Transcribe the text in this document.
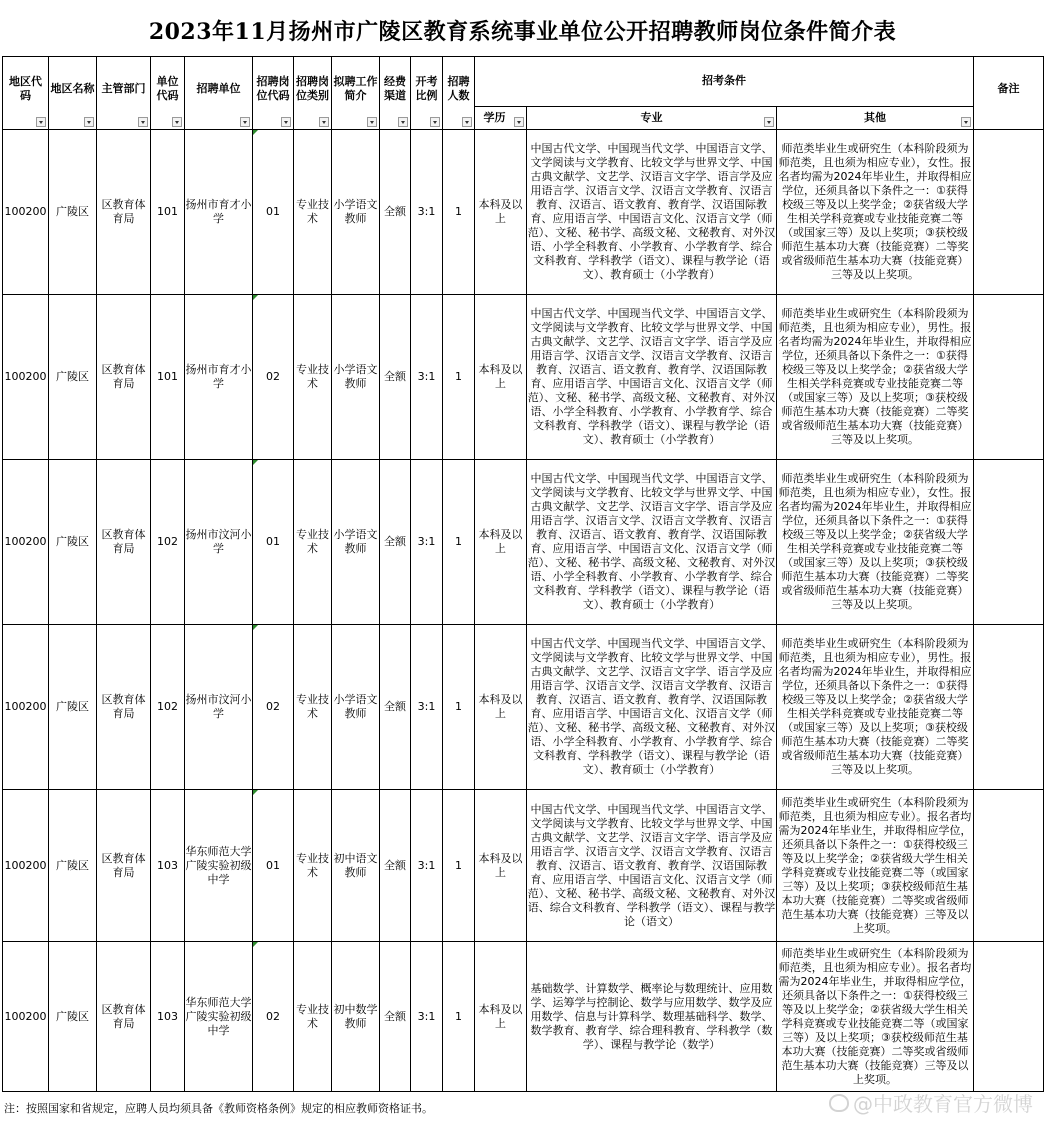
2023年11月扬州市广陵区教育系统事业单位公开招聘教师岗位条件简介表
地区代码	地区名称	主管部门	单位代码	招聘单位	招聘岗位代码	招聘岗位类别	拟聘工作简介	经费渠道	开考比例	招聘人数	招考条件			备注

											学历	专业	其他	

100200	广陵区	区教育体育局	101	扬州市育才小学	01	专业技术	小学语文教师	全额	3:1	1	本科及以上	中国古代文学、中国现当代文学、中国语言文学、文学阅读与文学教育、比较文学与世界文学、中国古典文献学、文艺学、汉语言文字学、语言学及应用语言学、汉语言文学、汉语言文学教育、汉语言教育、汉语言、语文教育、教育学、汉语国际教育、应用语言学、中国语言文化、汉语言文学（师范）、文秘、秘书学、高级文秘、文秘教育、对外汉语、小学全科教育、小学教育、小学教育学、综合文科教育、学科教学（语文）、课程与教学论（语文）、教育硕士（小学教育）	师范类毕业生或研究生（本科阶段须为师范类，且也须为相应专业），女性。报名者均需为2024年毕业生，并取得相应学位，还须具备以下条件之一：①获得校级三等及以上奖学金；②获省级大学生相关学科竞赛或专业技能竞赛二等（或国家三等）及以上奖项；③获校级师范生基本功大赛（技能竞赛）二等奖或省级师范生基本功大赛（技能竞赛）三等及以上奖项。	

100200	广陵区	区教育体育局	101	扬州市育才小学	02	专业技术	小学语文教师	全额	3:1	1	本科及以上	中国古代文学、中国现当代文学、中国语言文学、文学阅读与文学教育、比较文学与世界文学、中国古典文献学、文艺学、汉语言文字学、语言学及应用语言学、汉语言文学、汉语言文学教育、汉语言教育、汉语言、语文教育、教育学、汉语国际教育、应用语言学、中国语言文化、汉语言文学（师范）、文秘、秘书学、高级文秘、文秘教育、对外汉语、小学全科教育、小学教育、小学教育学、综合文科教育、学科教学（语文）、课程与教学论（语文）、教育硕士（小学教育）	师范类毕业生或研究生（本科阶段须为师范类，且也须为相应专业），男性。报名者均需为2024年毕业生，并取得相应学位，还须具备以下条件之一：①获得校级三等及以上奖学金；②获省级大学生相关学科竞赛或专业技能竞赛二等（或国家三等）及以上奖项；③获校级师范生基本功大赛（技能竞赛）二等奖或省级师范生基本功大赛（技能竞赛）三等及以上奖项。	

100200	广陵区	区教育体育局	102	扬州市汶河小学	01	专业技术	小学语文教师	全额	3:1	1	本科及以上	中国古代文学、中国现当代文学、中国语言文学、文学阅读与文学教育、比较文学与世界文学、中国古典文献学、文艺学、汉语言文字学、语言学及应用语言学、汉语言文学、汉语言文学教育、汉语言教育、汉语言、语文教育、教育学、汉语国际教育、应用语言学、中国语言文化、汉语言文学（师范）、文秘、秘书学、高级文秘、文秘教育、对外汉语、小学全科教育、小学教育、小学教育学、综合文科教育、学科教学（语文）、课程与教学论（语文）、教育硕士（小学教育）	师范类毕业生或研究生（本科阶段须为师范类，且也须为相应专业），女性。报名者均需为2024年毕业生，并取得相应学位，还须具备以下条件之一：①获得校级三等及以上奖学金；②获省级大学生相关学科竞赛或专业技能竞赛二等（或国家三等）及以上奖项；③获校级师范生基本功大赛（技能竞赛）二等奖或省级师范生基本功大赛（技能竞赛）三等及以上奖项。	

100200	广陵区	区教育体育局	102	扬州市汶河小学	02	专业技术	小学语文教师	全额	3:1	1	本科及以上	中国古代文学、中国现当代文学、中国语言文学、文学阅读与文学教育、比较文学与世界文学、中国古典文献学、文艺学、汉语言文字学、语言学及应用语言学、汉语言文学、汉语言文学教育、汉语言教育、汉语言、语文教育、教育学、汉语国际教育、应用语言学、中国语言文化、汉语言文学（师范）、文秘、秘书学、高级文秘、文秘教育、对外汉语、小学全科教育、小学教育、小学教育学、综合文科教育、学科教学（语文）、课程与教学论（语文）、教育硕士（小学教育）	师范类毕业生或研究生（本科阶段须为师范类，且也须为相应专业），男性。报名者均需为2024年毕业生，并取得相应学位，还须具备以下条件之一：①获得校级三等及以上奖学金；②获省级大学生相关学科竞赛或专业技能竞赛二等（或国家三等）及以上奖项；③获校级师范生基本功大赛（技能竞赛）二等奖或省级师范生基本功大赛（技能竞赛）三等及以上奖项。	

100200	广陵区	区教育体育局	103	华东师范大学广陵实验初级中学	01	专业技术	初中语文教师	全额	3:1	1	本科及以上	中国古代文学、中国现当代文学、中国语言文学、文学阅读与文学教育、比较文学与世界文学、中国古典文献学、文艺学、汉语言文字学、语言学及应用语言学、汉语言文学、汉语言文学教育、汉语言教育、汉语言、语文教育、教育学、汉语国际教育、应用语言学、中国语言文化、汉语言文学（师范）、文秘、秘书学、高级文秘、文秘教育、对外汉语、综合文科教育、学科教学（语文）、课程与教学论（语文）	师范类毕业生或研究生（本科阶段须为师范类，且也须为相应专业）。报名者均需为2024年毕业生，并取得相应学位，还须具备以下条件之一：①获得校级三等及以上奖学金；②获省级大学生相关学科竞赛或专业技能竞赛二等（或国家三等）及以上奖项；③获校级师范生基本功大赛（技能竞赛）二等奖或省级师范生基本功大赛（技能竞赛）三等及以上奖项。	

100200	广陵区	区教育体育局	103	华东师范大学广陵实验初级中学	02	专业技术	初中数学教师	全额	3:1	1	本科及以上	基础数学、计算数学、概率论与数理统计、应用数学、运筹学与控制论、数学与应用数学、数学及应用数学、信息与计算科学、数理基础科学、数学、数学教育、教育学、综合理科教育、学科教学（数学）、课程与教学论（数学）	师范类毕业生或研究生（本科阶段须为师范类，且也须为相应专业）。报名者均需为2024年毕业生，并取得相应学位，还须具备以下条件之一：①获得校级三等及以上奖学金；②获省级大学生相关学科竞赛或专业技能竞赛二等（或国家三等）及以上奖项；③获校级师范生基本功大赛（技能竞赛）二等奖或省级师范生基本功大赛（技能竞赛）三等及以上奖项。	

注：按照国家和省规定，应聘人员均须具备《教师资格条例》规定的相应教师资格证书。	@中政教育官方微博
